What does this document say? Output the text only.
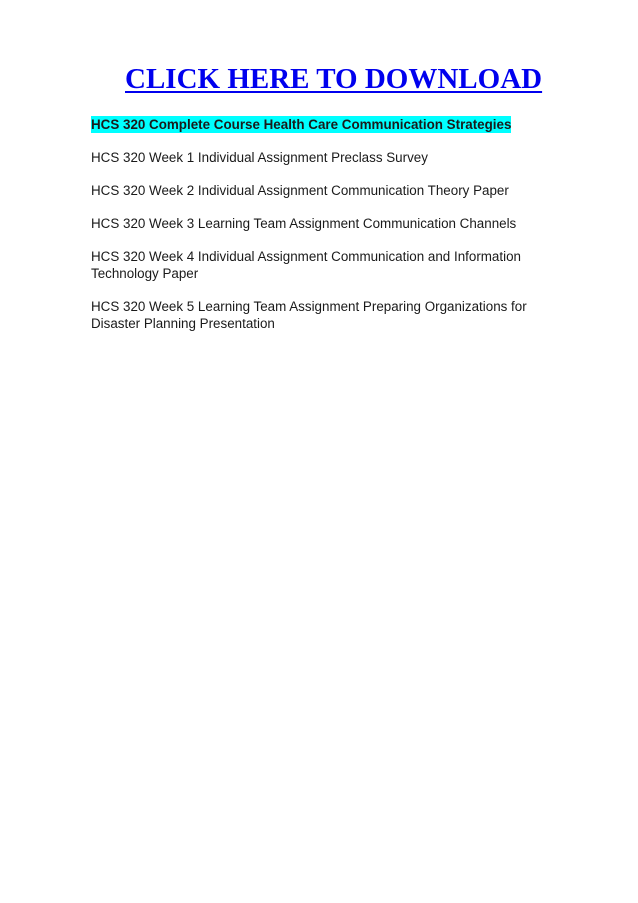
CLICK HERE TO DOWNLOAD

HCS 320 Complete Course Health Care Communication Strategies

HCS 320 Week 1 Individual Assignment Preclass Survey

HCS 320 Week 2 Individual Assignment Communication Theory Paper

HCS 320 Week 3 Learning Team Assignment Communication Channels

HCS 320 Week 4 Individual Assignment Communication and Information Technology Paper

HCS 320 Week 5 Learning Team Assignment Preparing Organizations for Disaster Planning Presentation
